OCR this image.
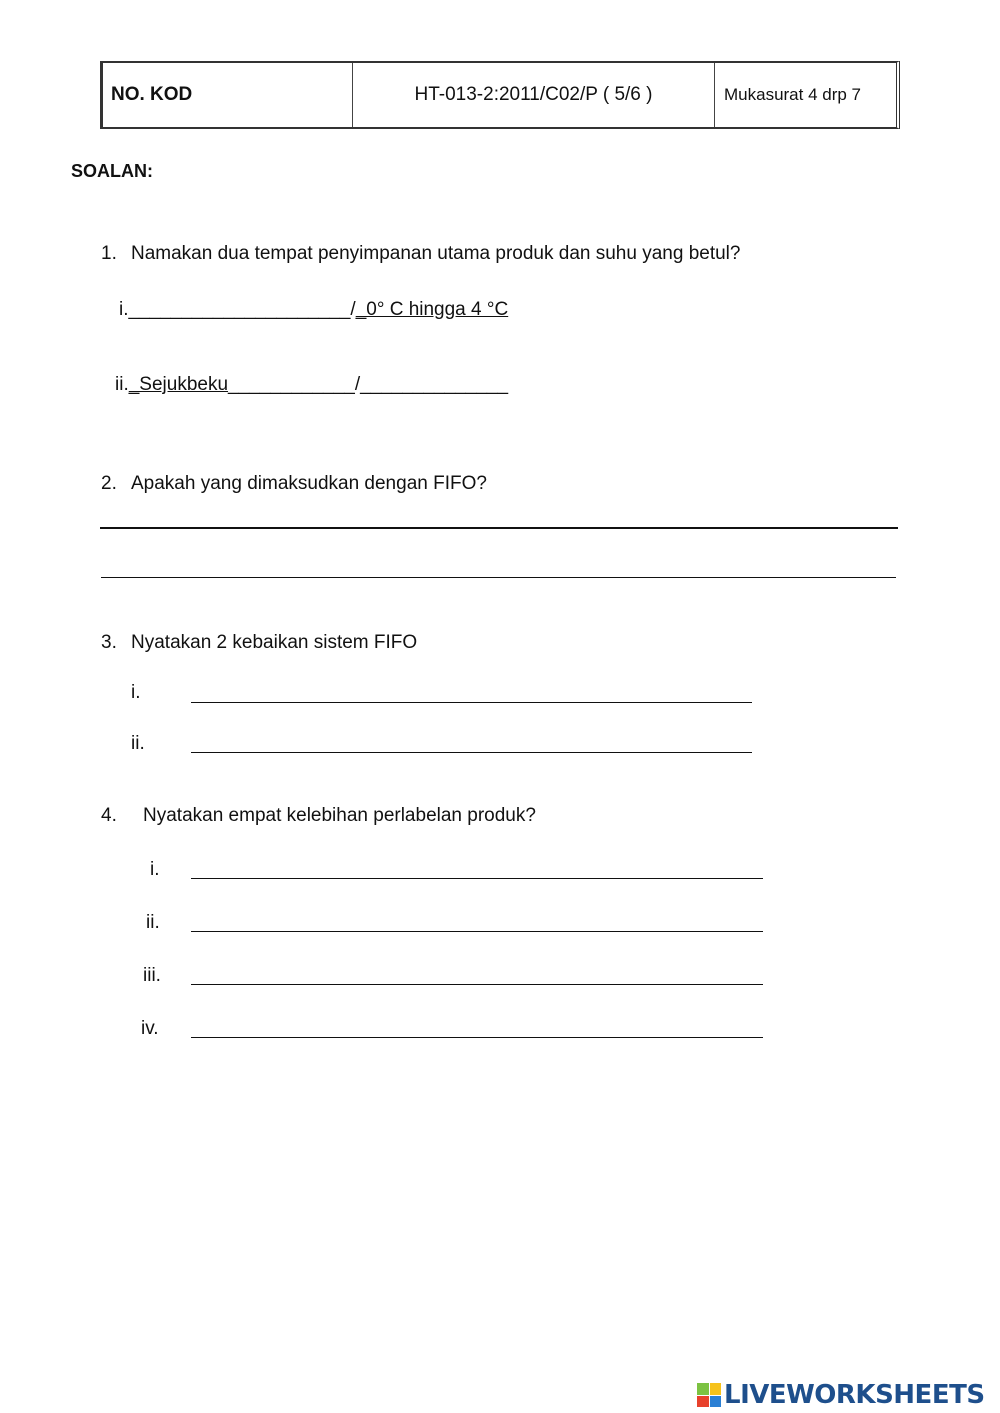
NO. KOD	HT-013-2:2011/C02/P ( 5/6 )	Mukasurat 4 drp 7
SOALAN:
1. Namakan dua tempat penyimpanan utama produk dan suhu yang betul?
i._____________________/_0° C hingga 4 °C
ii._Sejukbeku____________/______________
2. Apakah yang dimaksudkan dengan FIFO?
3. Nyatakan 2 kebaikan sistem FIFO
i.
ii.
4. Nyatakan empat kelebihan perlabelan produk?
i.
ii.
iii.
iv.
LIVEWORKSHEETS
